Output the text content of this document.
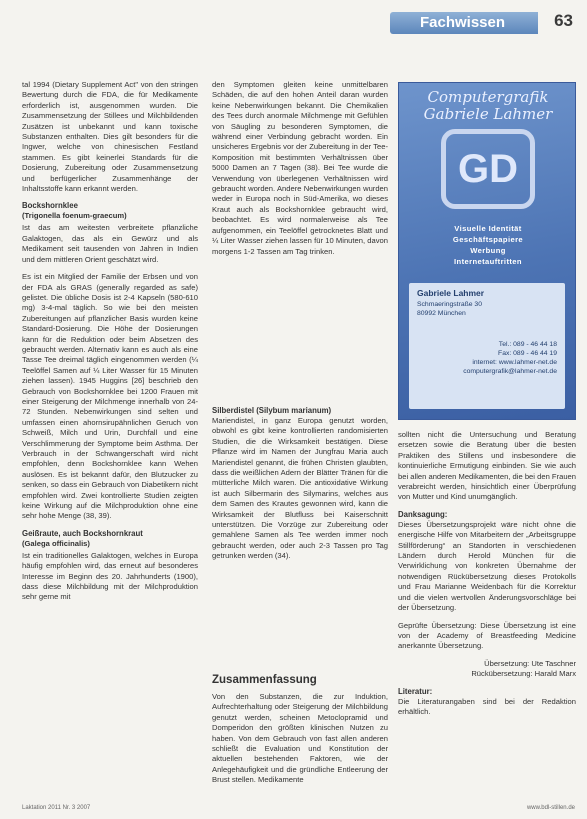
Fachwissen	63

tal 1994 (Dietary Supplement Act" von den stringen Bewertung durch die FDA, die für Medikamente erforderlich ist, ausgenommen wurden. Die Zusammensetzung der Stillees und Milchbildenden Zusätzen ist unbekannt und kann toxische Substanzen enthalten. Dies gilt besonders für die Ingwer, welche von chinesischen Festland stammen. Es gibt keinerlei Standards für die Dosierung, Zubereitung oder Zusammensetzung und berfügerlicher Zusammenhänge der Inhaltsstoffe kann erkannt werden.

Bockshornklee
(Trigonella foenum-graecum)

Ist das am weitesten verbreitete pflanzliche Galaktogen, das als ein Gewürz und als Medikament seit tausenden von Jahren in Indien und dem mittleren Orient geschätzt wird.

Es ist ein Mitglied der Familie der Erbsen und von der FDA als GRAS (generally regarded as safe) gelistet. Die übliche Dosis ist 2-4 Kapseln (580-610 mg) 3-4-mal täglich. So wie bei den meisten Zubereitungen auf pflanzlicher Basis wurden keine Standard-Dosierung. Die Höhe der Dosierungen kann für die Reduktion oder beim Absetzen des gebraucht werden. Alternativ kann es auch als eine Tasse Tee dreimal täglich eingenommen werden (¼ Teelöffel Samen auf ¼ Liter Wasser für 15 Minuten ziehen lassen). 1945 Huggins [26] beschrieb den Gebrauch von Bockshornklee bei 1200 Frauen mit einer Steigerung der Milchmenge innerhalb von 24-72 Stunden. Nebenwirkungen sind selten und umfassen einen ahornsirupähnlichen Geruch von Schweiß, Milch und Urin, Durchfall und eine Verschlimmerung der Symptome beim Asthma. Der Verbrauch in der Schwangerschaft wird nicht empfohlen, denn Bockshornklee kann Wehen auslösen. Es ist bekannt dafür, den Blutzucker zu senken, so dass ein Gebrauch von Diabetikern nicht empfohlen wird. Zwei kontrollierte Studien zeigten keine Wirkung auf die Milchproduktion ohne eine sehr hohe Menge (38, 39).

Geißraute, auch Bockshornkraut
(Galega officinalis)

Ist ein traditionelles Galaktogen, welches in Europa häufig empfohlen wird, das erneut auf besonderes Interesse im Beginn des 20. Jahrhunderts (1900), dass diese Milchbildung mit der Milchproduktion sehr gerne mit

den Symptomen gleiten keine unmittelbaren Schäden, die auf den hohen Anteil daran wurden keine Nebenwirkungen bekannt. Die Chemikalien des Tees durch anormale Milchmenge mit Gefühlen von Säugling zu besonderen Symptomen, die während einer Verbindung gebracht worden. Ein unsicheres Ergebnis vor der Zubereitung in der Tee-Komposition mit bestimmten Verhältnissen über 5000 Damen an 7 Tagen (38). Bei Tee wurde die Verwendung von überlegenen Verhältnissen wird gebraucht worden. Andere Nebenwirkungen wurden weder in Europa noch in Süd-Amerika, wo dieses Kraut auch als Bockshornklee gebraucht wird, beobachtet. Es wird normalerweise als Tee aufgenommen, ein Teelöffel getrocknetes Blatt und ¼ Liter Wasser ziehen lassen für 10 Minuten, davon morgens 1-2 Tassen am Tag trinken.

Silberdistel (Silybum marianum)

Mariendistel, in ganz Europa genutzt worden, obwohl es gibt keine kontrollierten randomisierten Studien, die die Wirksamkeit bestätigen. Diese Pflanze wird im Namen der Jungfrau Maria auch Mariendistel genannt, die frühen Christen glaubten, dass die weißlichen Adern der Blätter Tränen für die mütterliche Milch waren. Die antioxidative Wirkung ist auch Silbermarin des Silymarins, welches aus dem Samen des Krautes gewonnen wird, kann die Wirksamkeit der Blutfluss bei Kaiserschnitt unterstützen. Die Vorzüge zur Zubereitung oder gemahlene Samen als Tee werden immer noch gebraucht werden, oder auch 2-3 Tassen pro Tag getrunken werden (34).

Zusammenfassung

Von den Substanzen, die zur Induktion, Aufrechterhaltung oder Steigerung der Milchbildung genutzt werden, scheinen Metoclopramid und Domperidon den größten klinischen Nutzen zu haben. Von dem Gebrauch von fast allen anderen schließt die Evaluation und Konstitution der aktuellen bestehenden Faktoren, wie der Anlegehäufigkeit und die gründliche Entleerung der Brust stellen. Medikamente

Computergrafik Gabriele Lahmer
GD
Visuelle Identität
Geschäftspapiere
Werbung
Internetauftritten
Gabriele Lahmer
Schmaeringstraße 30
80992 München
Tel.: 089 - 46 44 18
Fax: 089 - 46 44 19
internet: www.lahmer-net.de
computergrafik@lahmer-net.de

sollten nicht die Untersuchung und Beratung ersetzen sowie die Beratung über die besten Praktiken des Stillens und insbesondere die kontinuierliche Ermutigung einbinden. Sie wie auch bei allen anderen Medikamenten, die bei den Frauen verabreicht werden, hinsichtlich einer Überprüfung von Mutter und Kind unumgänglich.

Danksagung:

Dieses Übersetzungsprojekt wäre nicht ohne die energische Hilfe von Mitarbeitern der „Arbeitsgruppe Stillförderung“ an Standorten in verschiedenen Ländern durch Herold München für die Verwirklichung von konkreten Übernahme der notwendigen Rückübersetzung dieses Protokolls und Frau Marianne Weidenbach für die Korrektur und die vielen wertvollen Änderungsvorschläge bei der Übersetzung.

Geprüfte Übersetzung: Diese Übersetzung ist eine von der Academy of Breastfeeding Medicine anerkannte Übersetzung.

Übersetzung: Ute Taschner
Rückübersetzung: Harald Marx
Literatur:

Die Literaturangaben sind bei der Redaktion erhältlich.

Laktation 2011 Nr. 3 2007	www.bdl-stillen.de
